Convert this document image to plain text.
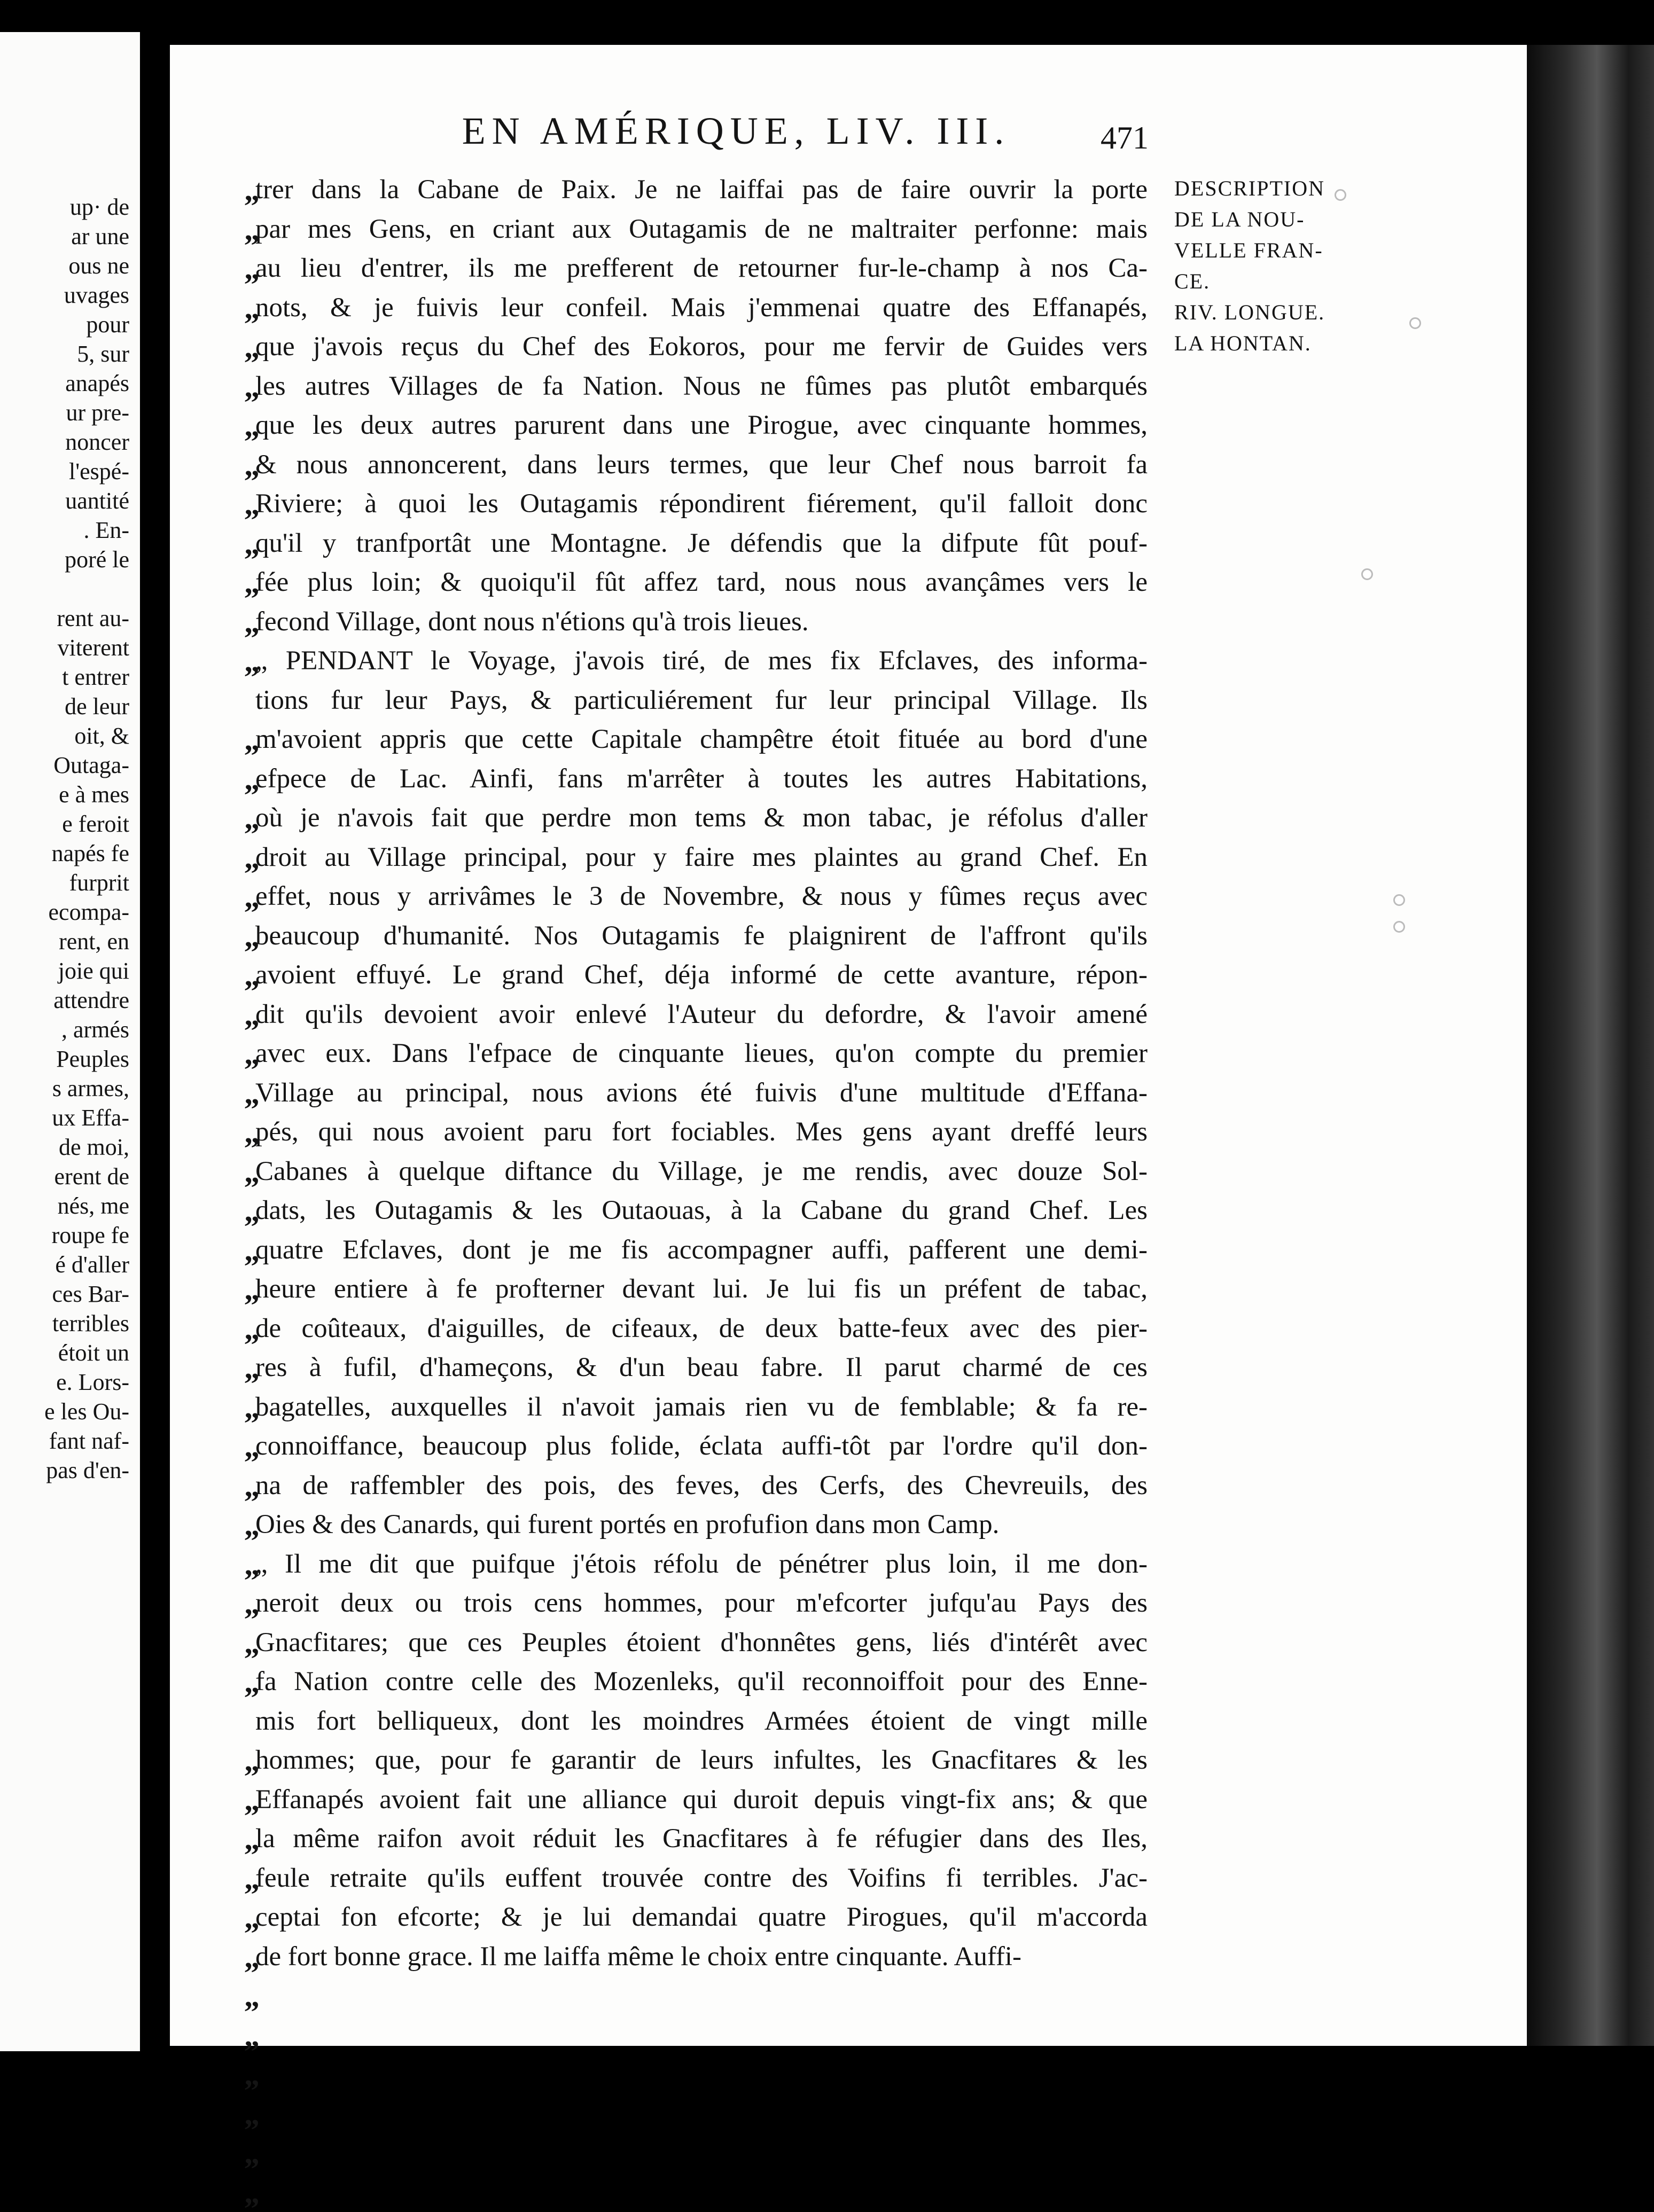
up· de
ar une
ous ne
uvages
pour
5, sur
anapés
ur pre-
noncer
l'espé-
uantité
. En-
poré le
rent au-
viterent
t entrer
de leur
oit, &
Outaga-
e à mes
e feroit
napés fe
furprit
ecompa-
rent, en
joie qui
attendre
, armés
Peuples
s armes,
ux Effa-
de moi,
erent de
nés, me
roupe fe
é d'aller
ces Bar-
terribles
étoit un
e. Lors-
e les Ou-
fant naf-
pas d'en-
EN AMÉRIQUE, LIV. III.	471
„
„
„
„
„
„
„
„
„
„
„
„
„
„
„
„
„
„
„
„
„
„
„
„
„
„
„
„
„
„
„
„
„
„
„
„
„
„
„
„
„
„
„
„
„
„
„
„
„
„
trer dans la Cabane de Paix. Je ne laiffai pas de faire ouvrir la porte
par mes Gens, en criant aux Outagamis de ne maltraiter perfonne: mais
au lieu d'entrer, ils me prefferent de retourner fur-le-champ à nos Ca-
nots, & je fuivis leur confeil. Mais j'emmenai quatre des Effanapés,
que j'avois reçus du Chef des Eokoros, pour me fervir de Guides vers
les autres Villages de fa Nation. Nous ne fûmes pas plutôt embarqués
que les deux autres parurent dans une Pirogue, avec cinquante hommes,
& nous annoncerent, dans leurs termes, que leur Chef nous barroit fa
Riviere; à quoi les Outagamis répondirent fiérement, qu'il falloit donc
qu'il y tranfportât une Montagne. Je défendis que la difpute fût pouf-
fée plus loin; & quoiqu'il fût affez tard, nous nous avançâmes vers le
fecond Village, dont nous n'étions qu'à trois lieues.
„ PENDANT le Voyage, j'avois tiré, de mes fix Efclaves, des informa-
tions fur leur Pays, & particuliérement fur leur principal Village. Ils
m'avoient appris que cette Capitale champêtre étoit fituée au bord d'une
efpece de Lac. Ainfi, fans m'arrêter à toutes les autres Habitations,
où je n'avois fait que perdre mon tems & mon tabac, je réfolus d'aller
droit au Village principal, pour y faire mes plaintes au grand Chef. En
effet, nous y arrivâmes le 3 de Novembre, & nous y fûmes reçus avec
beaucoup d'humanité. Nos Outagamis fe plaignirent de l'affront qu'ils
avoient effuyé. Le grand Chef, déja informé de cette avanture, répon-
dit qu'ils devoient avoir enlevé l'Auteur du defordre, & l'avoir amené
avec eux. Dans l'efpace de cinquante lieues, qu'on compte du premier
Village au principal, nous avions été fuivis d'une multitude d'Effana-
pés, qui nous avoient paru fort fociables. Mes gens ayant dreffé leurs
Cabanes à quelque diftance du Village, je me rendis, avec douze Sol-
dats, les Outagamis & les Outaouas, à la Cabane du grand Chef. Les
quatre Efclaves, dont je me fis accompagner auffi, pafferent une demi-
heure entiere à fe profterner devant lui. Je lui fis un préfent de tabac,
de coûteaux, d'aiguilles, de cifeaux, de deux batte-feux avec des pier-
res à fufil, d'hameçons, & d'un beau fabre. Il parut charmé de ces
bagatelles, auxquelles il n'avoit jamais rien vu de femblable; & fa re-
connoiffance, beaucoup plus folide, éclata auffi-tôt par l'ordre qu'il don-
na de raffembler des pois, des feves, des Cerfs, des Chevreuils, des
Oies & des Canards, qui furent portés en profufion dans mon Camp.
„ Il me dit que puifque j'étois réfolu de pénétrer plus loin, il me don-
neroit deux ou trois cens hommes, pour m'efcorter jufqu'au Pays des
Gnacfitares; que ces Peuples étoient d'honnêtes gens, liés d'intérêt avec
fa Nation contre celle des Mozenleks, qu'il reconnoiffoit pour des Enne-
mis fort belliqueux, dont les moindres Armées étoient de vingt mille
hommes; que, pour fe garantir de leurs infultes, les Gnacfitares & les
Effanapés avoient fait une alliance qui duroit depuis vingt-fix ans; & que
la même raifon avoit réduit les Gnacfitares à fe réfugier dans des Iles,
feule retraite qu'ils euffent trouvée contre des Voifins fi terribles. J'ac-
ceptai fon efcorte; & je lui demandai quatre Pirogues, qu'il m'accorda
de fort bonne grace. Il me laiffa même le choix entre cinquante. Auffi-
DESCRIPTION
DE LA NOU-
VELLE FRAN-
CE.
RIV. LONGUE.
LA HONTAN.
